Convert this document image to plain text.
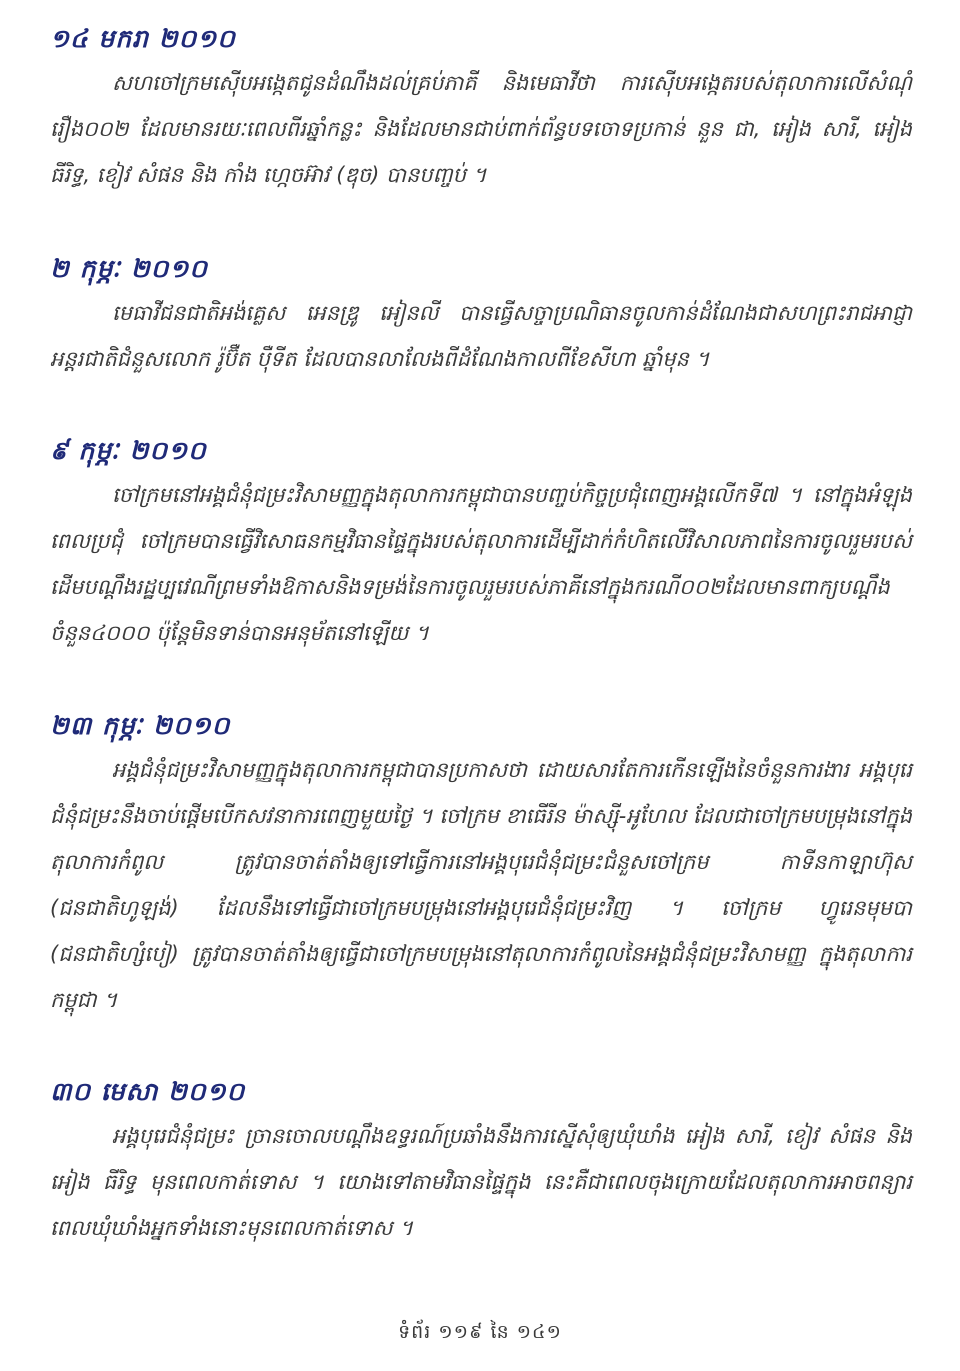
១៤ មករា ២០១០

សហចៅក្រមស៊ើបអង្កេតជូនដំណឹងដល់គ្រប់ភាគី និងមេធាវីថា ការស៊ើបអង្កេតរបស់តុលាការលើសំណុំរឿង០០២ ដែលមានរយៈពេលពីរឆ្នាំកន្លះ និងដែលមានជាប់ពាក់ព័ន្ធបទចោទប្រកាន់ នួន ជា, អៀង សារី, អៀង ធីរិទ្ធ, ខៀវ សំផន និង កាំង ហ្កេចអ៊ាវ (ឌុច) បានបញ្ចប់ ។

២ កុម្ភៈ ២០១០

មេធាវីជនជាតិអង់គ្លេស អេនឌ្រូ អៀនលី បានធ្វើសច្ចាប្រណិធានចូលកាន់ដំណែងជាសហព្រះរាជអាជ្ញាអន្តរជាតិជំនួសលោក រ៉ូប៊ឺត ប៉ឺទីត ដែលបានលាលែងពីដំណែងកាលពីខែសីហា ឆ្នាំមុន ។

៩ កុម្ភៈ ២០១០

ចៅក្រមនៅអង្គជំនុំជម្រះវិសាមញ្ញក្នុងតុលាការកម្ពុជាបានបញ្ចប់កិច្ចប្រជុំពេញអង្គលើកទី៧ ។ នៅក្នុងអំឡុងពេលប្រជុំ ចៅក្រមបានធ្វើវិសោធនកម្មវិធានផ្ទៃក្នុងរបស់តុលាការដើម្បីដាក់កំហិតលើវិសាលភាពនៃការចូលរួមរបស់ដើមបណ្តឹងរដ្ឋប្បវេណីព្រមទាំងឱកាសនិងទម្រង់នៃការចូលរួមរបស់ភាគីនៅក្នុងករណី០០២ដែលមានពាក្យបណ្តឹងចំនួន៤០០០ ប៉ុន្តែមិនទាន់បានអនុម័តនៅឡើយ ។

២៣ កុម្ភៈ ២០១០

អង្គជំនុំជម្រះវិសាមញ្ញក្នុងតុលាការកម្ពុជាបានប្រកាសថា ដោយសារតែការកើនឡើងនៃចំនួនការងារ អង្គបុរេជំនុំជម្រះនឹងចាប់ផ្តើមបើកសវនាការពេញមួយថ្ងៃ ។ ចៅក្រម ខាធើរីន ម៉ាស្ស៊ី-អូហែល ដែលជាចៅក្រមបម្រុងនៅក្នុងតុលាការកំពូល ត្រូវបានចាត់តាំងឲ្យទៅធ្វើការនៅអង្គបុរេជំនុំជម្រះជំនួសចៅក្រម កាទីនកាឡាហ៊ុស (ជនជាតិហូឡង់) ដែលនឹងទៅធ្វើជាចៅក្រមបម្រុងនៅអង្គបុរេជំនុំជម្រះវិញ ។ ចៅក្រម ហ្វូរេនមុមបា (ជនជាតិហ្សំបៀ) ត្រូវបានចាត់តាំងឲ្យធ្វើជាចៅក្រមបម្រុងនៅតុលាការកំពូលនៃអង្គជំនុំជម្រះវិសាមញ្ញ ក្នុងតុលាការកម្ពុជា ។

៣០ មេសា ២០១០

អង្គបុរេជំនុំជម្រះ ច្រានចោលបណ្តឹងឧទ្ធរណ៍ប្រឆាំងនឹងការស្នើសុំឲ្យឃុំឃាំង អៀង សារី, ខៀវ សំផន និង អៀង ធីរិទ្ធ មុនពេលកាត់ទោស ។ យោងទៅតាមវិធានផ្ទៃក្នុង នេះគឺជាពេលចុងក្រោយដែលតុលាការអាចពន្យារពេលឃុំឃាំងអ្នកទាំងនោះមុនពេលកាត់ទោស ។

ទំព័រ ១១៩ នៃ ១៤១
